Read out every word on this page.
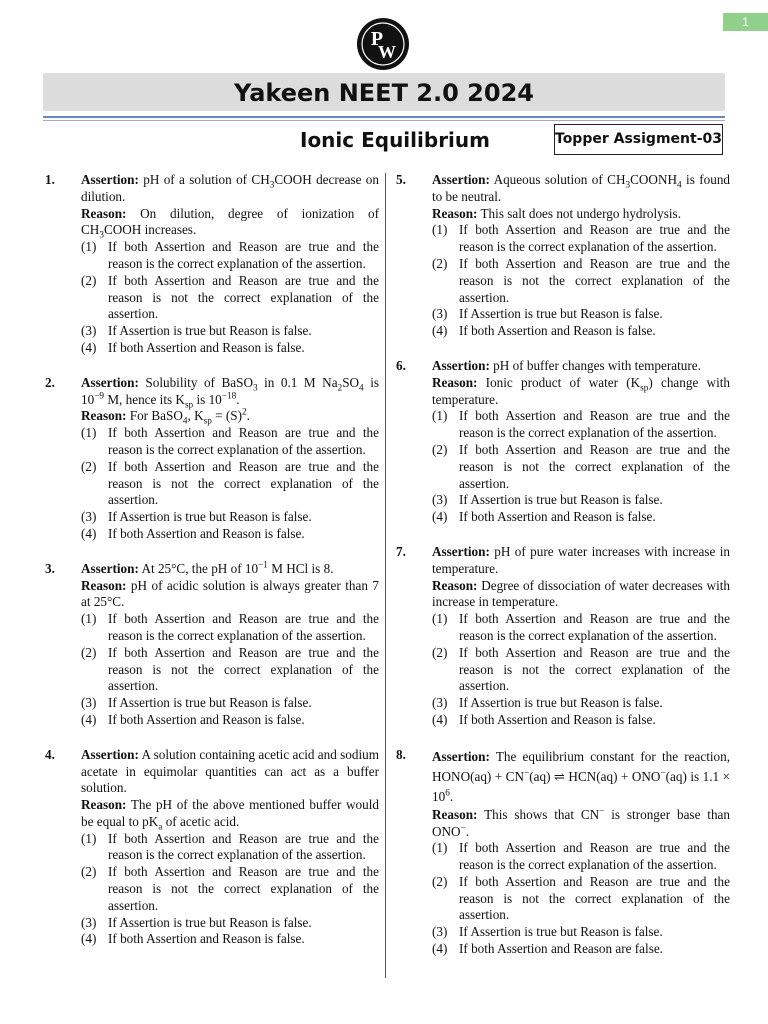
1
P
W
Yakeen NEET 2.0 2024
Ionic Equilibrium	Topper Assigment-03
1. Assertion: pH of a solution of $CH_3COOH$ decrease on dilution.

Reason: On dilution, degree of ionization of $CH_3COOH$ increases.

(1) If both Assertion and Reason are true and the reason is the correct explanation of the assertion.
(2) If both Assertion and Reason are true and the reason is not the correct explanation of the assertion.
(3) If Assertion is true but Reason is false.
(4) If both Assertion and Reason is false.
2. Assertion: Solubility of BaSO$_3$ in 0.1 M $Na_2SO_4$ is $10^{-9}$ M, hence its $K_{sp}$ is $10^{-18}$.

Reason: For BaSO$_4$, $K_{sp} = (S)^2$.

(1) If both Assertion and Reason are true and the reason is the correct explanation of the assertion.
(2) If both Assertion and Reason are true and the reason is not the correct explanation of the assertion.
(3) If Assertion is true but Reason is false.
(4) If both Assertion and Reason is false.
3. Assertion: At 25°C, the pH of $10^{-1}$ M HCl is 8.

Reason: pH of acidic solution is always greater than 7 at 25°C.

(1) If both Assertion and Reason are true and the reason is the correct explanation of the assertion.
(2) If both Assertion and Reason are true and the reason is not the correct explanation of the assertion.
(3) If Assertion is true but Reason is false.
(4) If both Assertion and Reason is false.
4. Assertion: A solution containing acetic acid and sodium acetate in equimolar quantities can act as a buffer solution.

Reason: The pH of the above mentioned buffer would be equal to $pK_a$ of acetic acid.

(1) If both Assertion and Reason are true and the reason is the correct explanation of the assertion.
(2) If both Assertion and Reason are true and the reason is not the correct explanation of the assertion.
(3) If Assertion is true but Reason is false.
(4) If both Assertion and Reason is false.
5. Assertion: Aqueous solution of $CH_3COONH_4$ is found to be neutral.

Reason: This salt does not undergo hydrolysis.

(1) If both Assertion and Reason are true and the reason is the correct explanation of the assertion.
(2) If both Assertion and Reason are true and the reason is not the correct explanation of the assertion.
(3) If Assertion is true but Reason is false.
(4) If both Assertion and Reason is false.
6. Assertion: pH of buffer changes with temperature.

Reason: Ionic product of water $(K_{sp})$ change with temperature.

(1) If both Assertion and Reason are true and the reason is the correct explanation of the assertion.
(2) If both Assertion and Reason are true and the reason is not the correct explanation of the assertion.
(3) If Assertion is true but Reason is false.
(4) If both Assertion and Reason is false.
7. Assertion: pH of pure water increases with increase in temperature.

Reason: Degree of dissociation of water decreases with increase in temperature.

(1) If both Assertion and Reason are true and the reason is the correct explanation of the assertion.
(2) If both Assertion and Reason are true and the reason is not the correct explanation of the assertion.
(3) If Assertion is true but Reason is false.
(4) If both Assertion and Reason is false.
8. Assertion: The equilibrium constant for the reaction, HONO(aq) + CN−(aq) ⇌ HCN(aq) + ONO−(aq) is $1.1 \times 10^6$.

Reason: This shows that CN− is stronger base than ONO−.

(1) If both Assertion and Reason are true and the reason is the correct explanation of the assertion.
(2) If both Assertion and Reason are true and the reason is not the correct explanation of the assertion.
(3) If Assertion is true but Reason is false.
(4) If both Assertion and Reason are false.
